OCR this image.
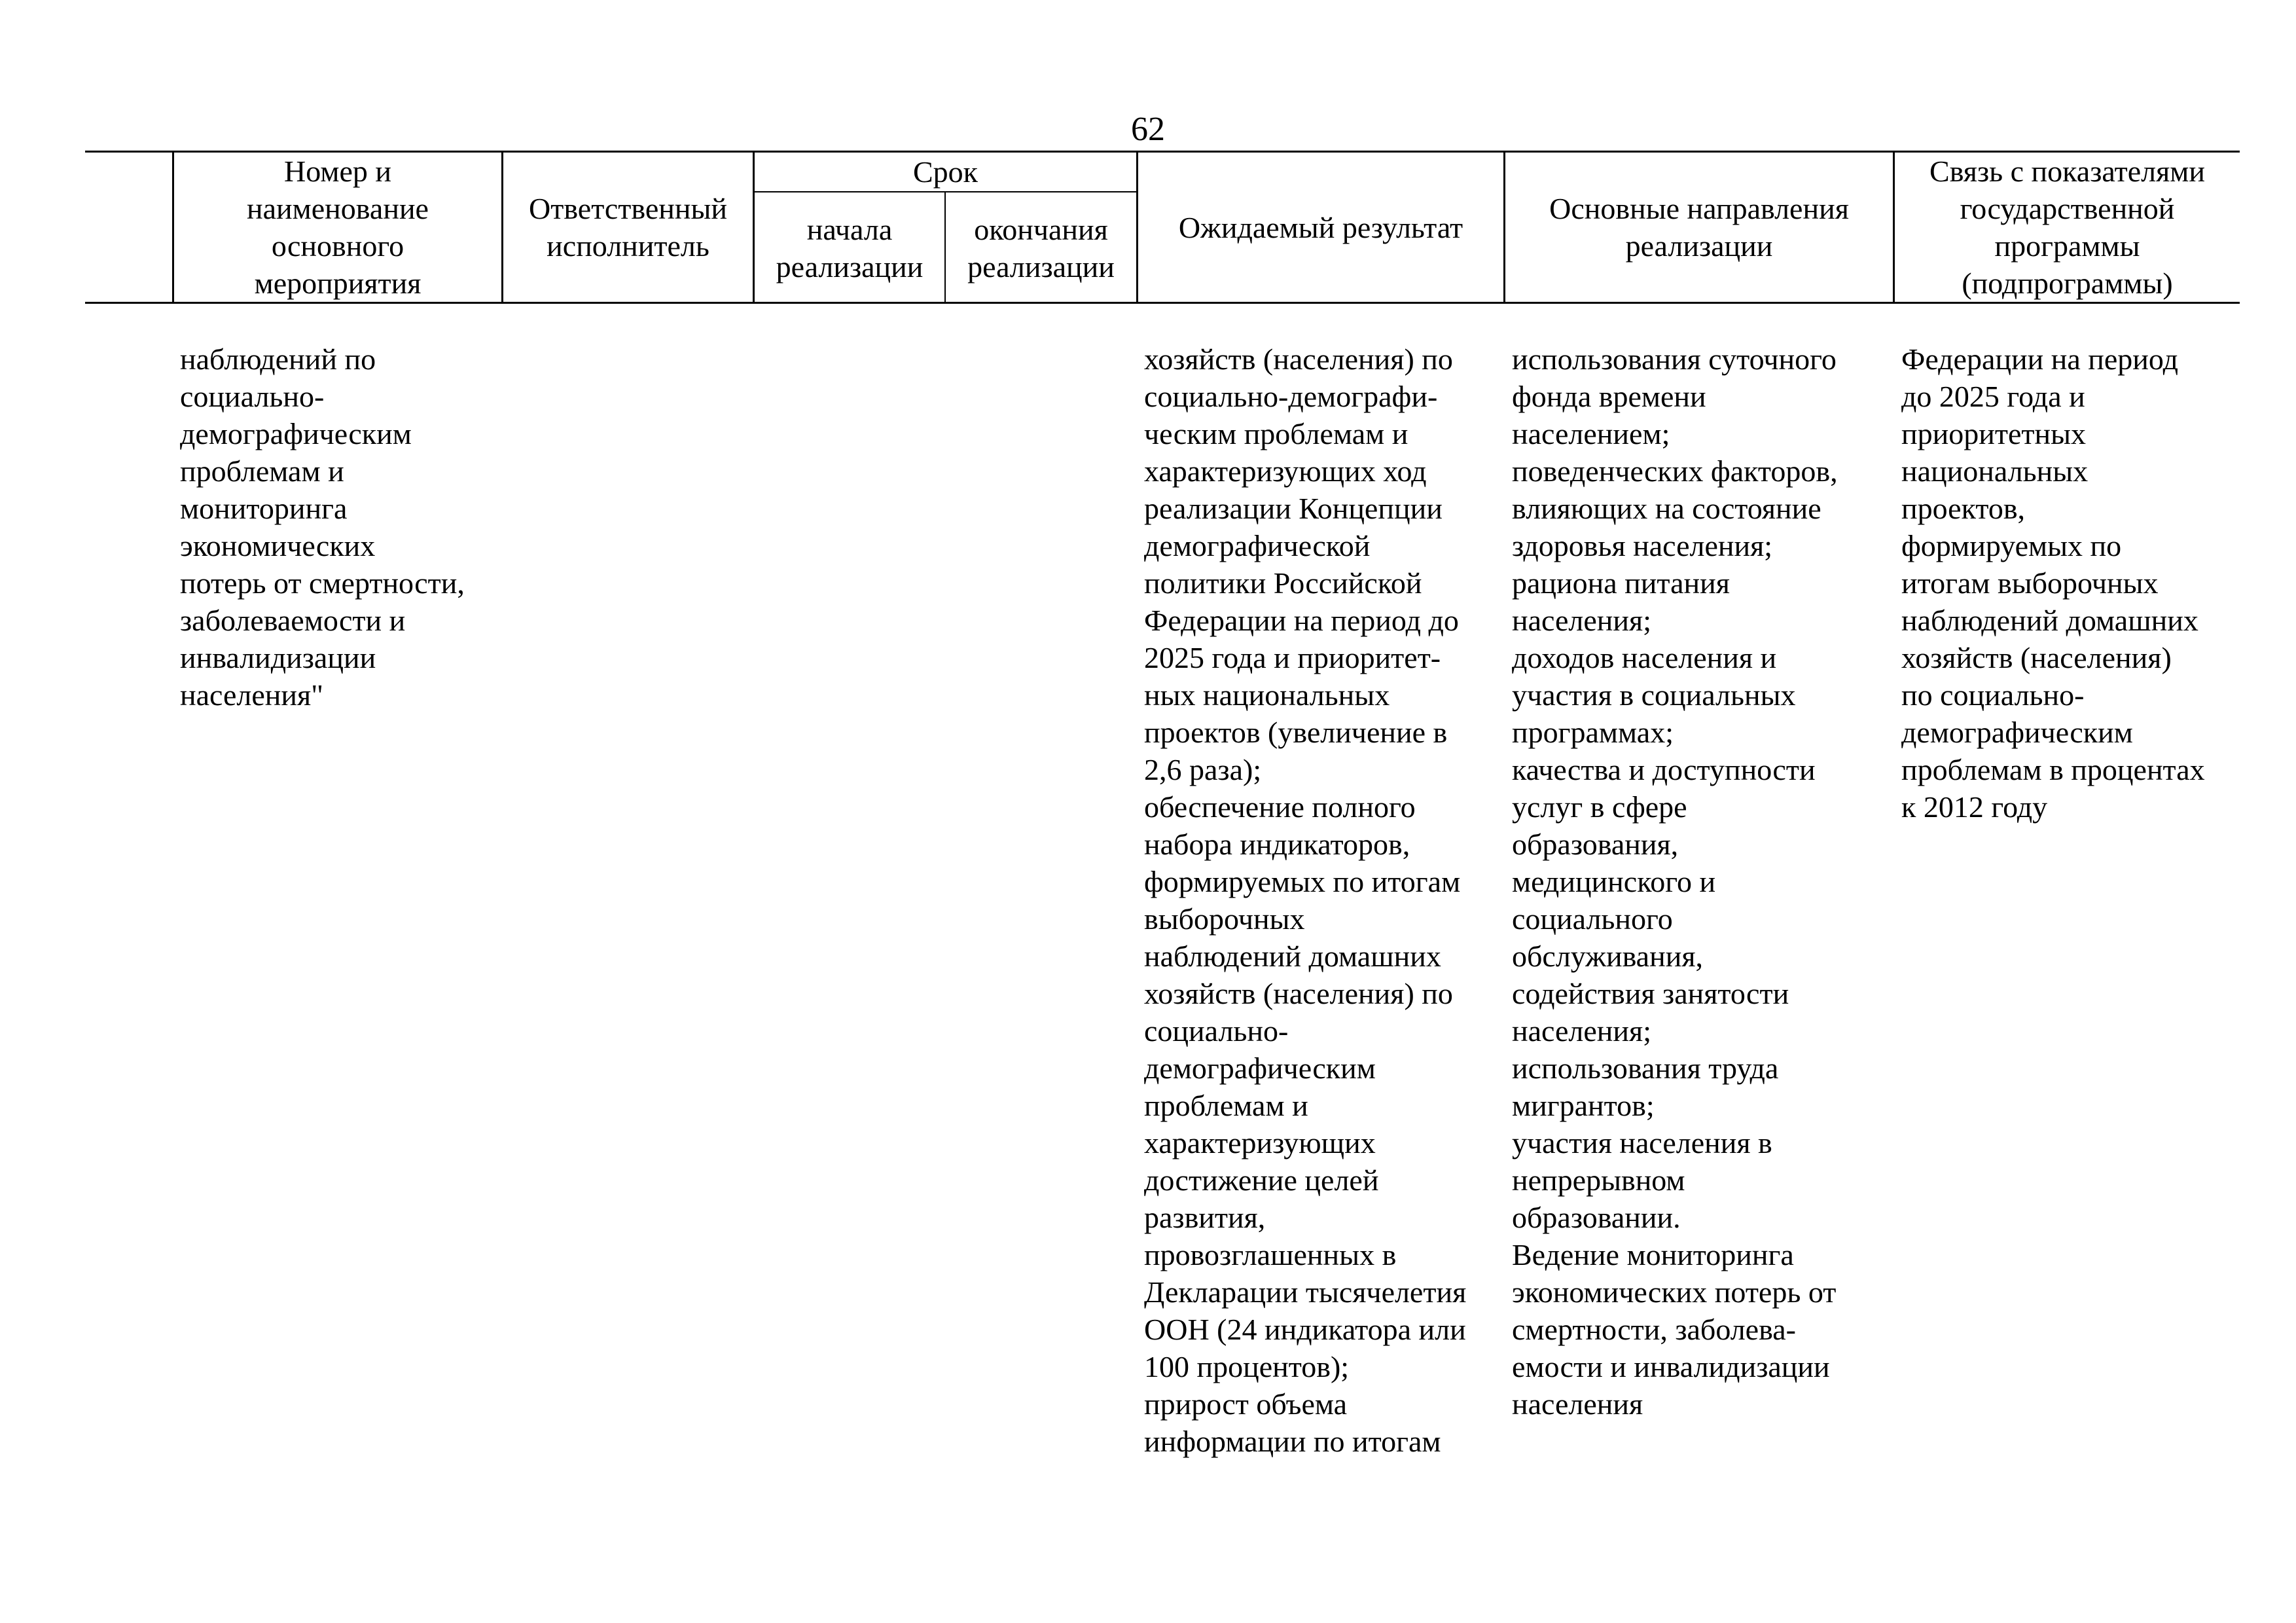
62
Номер и
наименование
основного
мероприятия
Ответственный
исполнитель
Срок
начала
реализации
окончания
реализации
Ожидаемый результат
Основные направления
реализации
Связь с показателями
государственной
программы
(подпрограммы)
наблюдений по
социально-
демографическим
проблемам и
мониторинга
экономических
потерь от смертности,
заболеваемости и
инвалидизации
населения"
хозяйств (населения) по
социально-демографи-
ческим проблемам и
характеризующих ход
реализации Концепции
демографической
политики Российской
Федерации на период до
2025 года и приоритет-
ных национальных
проектов (увеличение в
2,6 раза);
обеспечение полного
набора индикаторов,
формируемых по итогам
выборочных
наблюдений домашних
хозяйств (населения) по
социально-
демографическим
проблемам и
характеризующих
достижение целей
развития,
провозглашенных в
Декларации тысячелетия
ООН (24 индикатора или
100 процентов);
прирост объема
информации по итогам
использования суточного
фонда времени
населением;
поведенческих факторов,
влияющих на состояние
здоровья населения;
рациона питания
населения;
доходов населения и
участия в социальных
программах;
качества и доступности
услуг в сфере
образования,
медицинского и
социального
обслуживания,
содействия занятости
населения;
использования труда
мигрантов;
участия населения в
непрерывном
образовании.
Ведение мониторинга
экономических потерь от
смертности, заболева-
емости и инвалидизации
населения
Федерации на период
до 2025 года и
приоритетных
национальных
проектов,
формируемых по
итогам выборочных
наблюдений домашних
хозяйств (населения)
по социально-
демографическим
проблемам в процентах
к 2012 году
